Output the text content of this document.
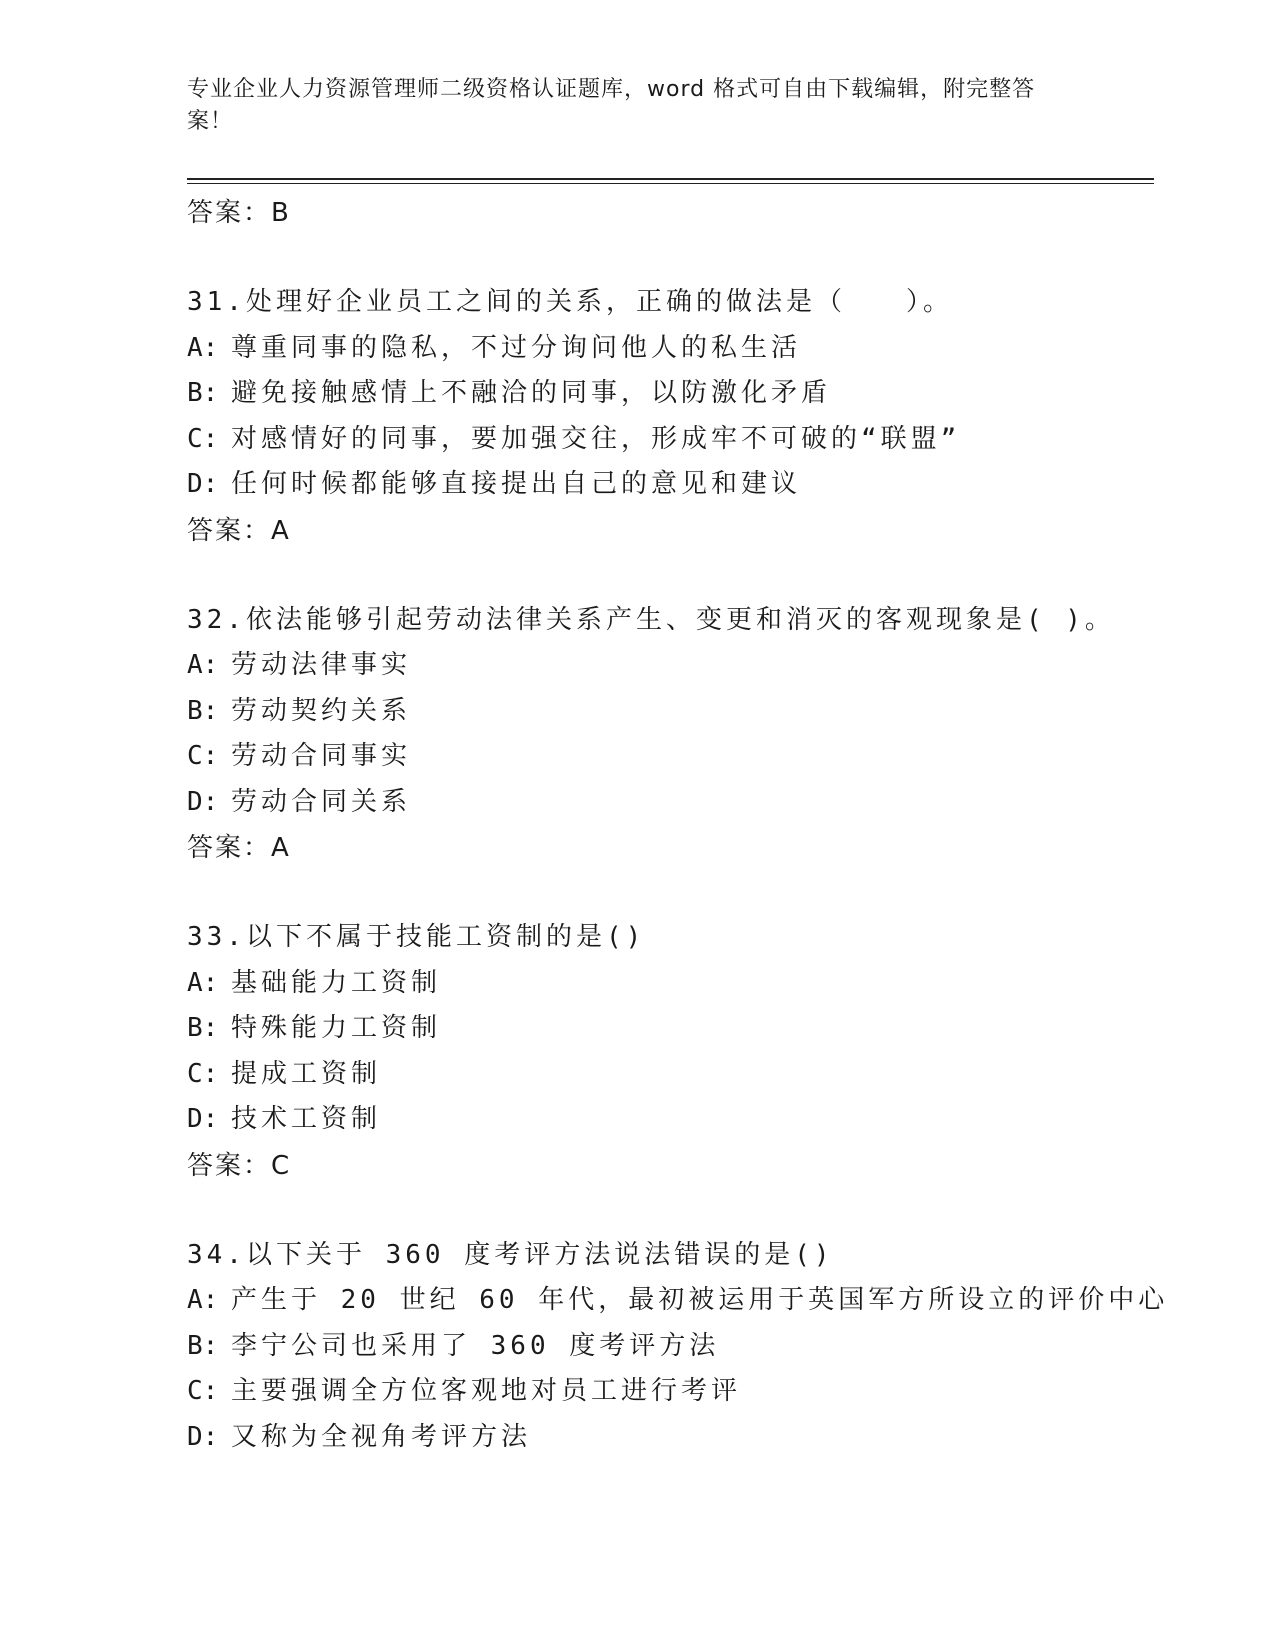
专业企业人力资源管理师二级资格认证题库，word 格式可自由下载编辑，附完整答案！
答案：B
31.处理好企业员工之间的关系，正确的做法是（　　）。
A: 尊重同事的隐私，不过分询问他人的私生活
B: 避免接触感情上不融洽的同事，以防激化矛盾
C: 对感情好的同事，要加强交往，形成牢不可破的“联盟”
D: 任何时候都能够直接提出自己的意见和建议
答案：A
32.依法能够引起劳动法律关系产生、变更和消灭的客观现象是( )。
A: 劳动法律事实
B: 劳动契约关系
C: 劳动合同事实
D: 劳动合同关系
答案：A
33.以下不属于技能工资制的是()
A: 基础能力工资制
B: 特殊能力工资制
C: 提成工资制
D: 技术工资制
答案：C
34.以下关于 360 度考评方法说法错误的是()
A: 产生于 20 世纪 60 年代，最初被运用于英国军方所设立的评价中心
B: 李宁公司也采用了 360 度考评方法
C: 主要强调全方位客观地对员工进行考评
D: 又称为全视角考评方法
